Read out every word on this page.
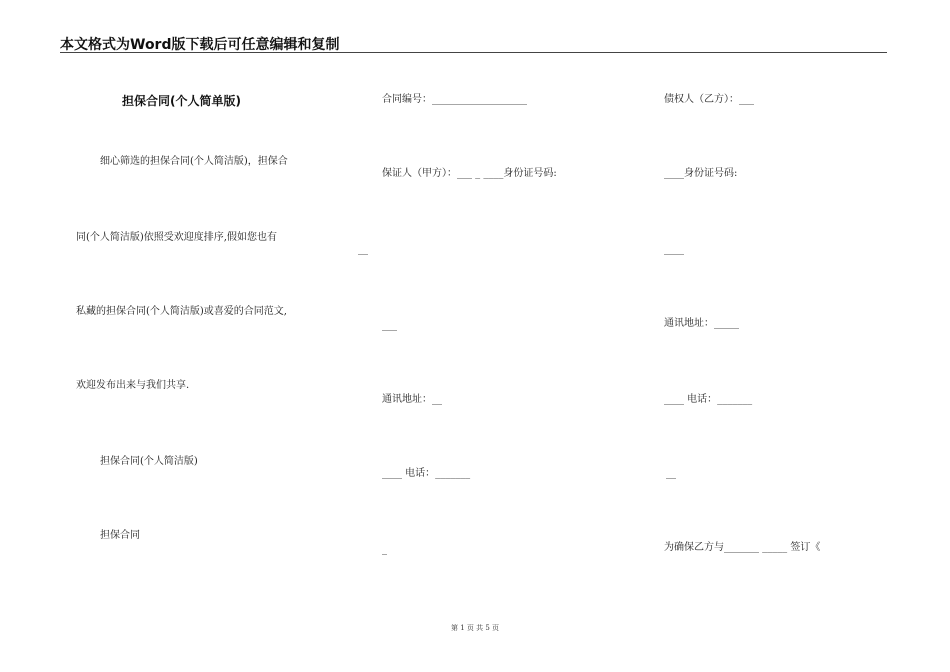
本文格式为Word版下载后可任意编辑和复制
担保合同(个人简单版)
细心筛选的担保合同(个人简洁版)，担保合
同(个人简洁版)依照受欢迎度排序,假如您也有
私藏的担保合同(个人简洁版)或喜爱的合同范文,
欢迎发布出来与我们共享.
担保合同(个人简洁版)
担保合同
合同编号：___________________
保证人（甲方）：___ _ ____身份证号码:
__
___
通讯地址：__
____ 电话：_______
_
债权人（乙方）：___
____身份证号码:
____
通讯地址：_____
____ 电话：_______
__
为确保乙方与_______ _____ 签订《
第 1 页 共 5 页
